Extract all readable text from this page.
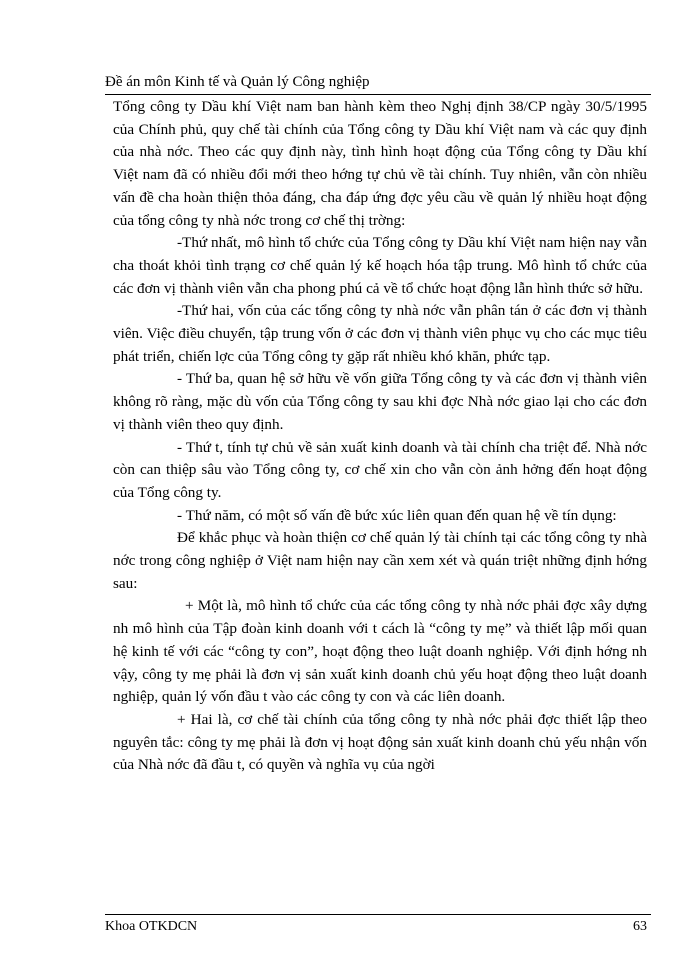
Đề án môn Kinh tế và Quản lý Công nghiệp

Tổng công ty Dầu khí Việt nam ban hành kèm theo Nghị định 38/CP ngày 30/5/1995 của Chính phủ, quy chế tài chính của Tổng công ty Dầu khí Việt nam và các quy định của nhà nớc. Theo các quy định này, tình hình hoạt động của Tổng công ty Dầu khí Việt nam đã có nhiều đổi mới theo hớng tự chủ về tài chính. Tuy nhiên, vẫn còn nhiều vấn đề cha hoàn thiện thỏa đáng, cha đáp ứng đợc yêu cầu về quản lý nhiều hoạt động của tổng công ty nhà nớc trong cơ chế thị trờng:

-Thứ nhất, mô hình tổ chức của Tổng công ty Dầu khí Việt nam hiện nay vẫn cha thoát khỏi tình trạng cơ chế quản lý kế hoạch hóa tập trung. Mô hình tổ chức của các đơn vị thành viên vẫn cha phong phú cả về tổ chức hoạt động lẫn hình thức sở hữu.

-Thứ hai, vốn của các tổng công ty nhà nớc vẫn phân tán ở các đơn vị thành viên. Việc điều chuyển, tập trung vốn ở các đơn vị thành viên phục vụ cho các mục tiêu phát triển, chiến lợc của Tổng công ty gặp rất nhiều khó khăn, phức tạp.

- Thứ ba, quan hệ sở hữu về vốn giữa Tổng công ty và các đơn vị thành viên không rõ ràng, mặc dù vốn của Tổng công ty sau khi đợc Nhà nớc giao lại cho các đơn vị thành viên theo quy định.

- Thứ t, tính tự chủ về sản xuất kinh doanh và tài chính cha triệt để. Nhà nớc còn can thiệp sâu vào Tổng công ty, cơ chế xin cho vẫn còn ảnh hởng đến hoạt động của Tổng công ty.

- Thứ năm, có một số vấn đề bức xúc liên quan đến quan hệ về tín dụng:

Để khắc phục và hoàn thiện cơ chế quản lý tài chính tại các tổng công ty nhà nớc trong công nghiệp ở Việt nam hiện nay cần xem xét và quán triệt những định hớng sau:

+ Một là, mô hình tổ chức của các tổng công ty nhà nớc phải đợc xây dựng nh mô hình của Tập đoàn kinh doanh với t cách là “công ty mẹ” và thiết lập mối quan hệ kinh tế với các “công ty con”, hoạt động theo luật doanh nghiệp. Với định hớng nh vậy, công ty mẹ phải là đơn vị sản xuất kinh doanh chủ yếu hoạt động theo luật doanh nghiệp, quản lý vốn đầu t vào các công ty con và các liên doanh.

+ Hai là, cơ chế tài chính của tổng công ty nhà nớc phải đợc thiết lập theo nguyên tắc: công ty mẹ phải là đơn vị hoạt động sản xuất kinh doanh chủ yếu nhận vốn của Nhà nớc đã đầu t, có quyền và nghĩa vụ của ngời

Khoa OTKDCN	63
